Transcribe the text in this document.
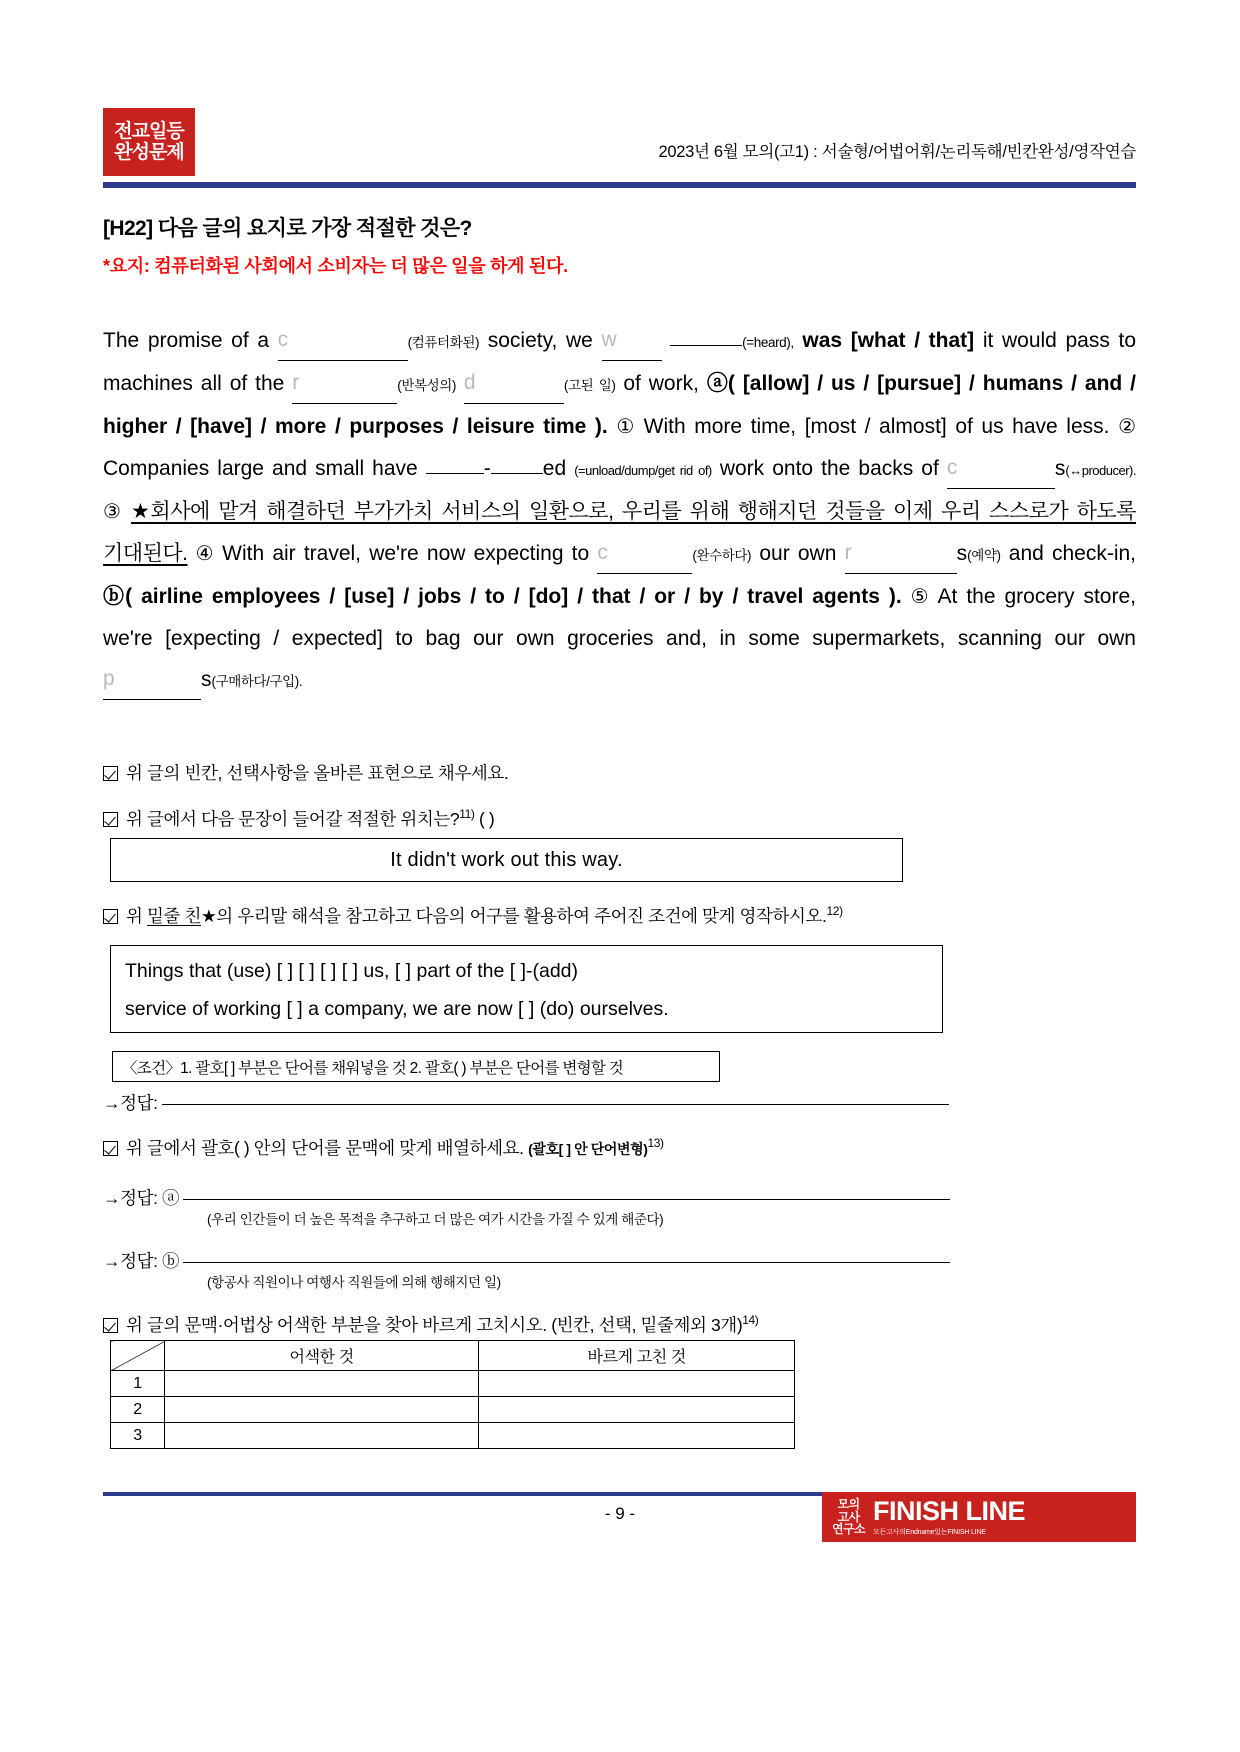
전교일등
완성문제	2023년 6월 모의(고1) : 서술형/어법어휘/논리독해/빈칸완성/영작연습
[H22] 다음 글의 요지로 가장 적절한 것은?
*요지: 컴퓨터화된 사회에서 소비자는 더 많은 일을 하게 된다.
The promise of a c	(컴퓨터화된) society, we w	(=heard), was [what / that] it would pass to machines all of the r	(반복성의) d	(고된 일) of work, ⓐ( [allow] / us / [pursue] / humans / and / higher / [have] / more / purposes / leisure time ). ① With more time, [most / almost] of us have less. ② Companies large and small have	- ed (=unload/dump/get rid of) work onto the backs of c	s(↔producer). ③ ★회사에 맡겨 해결하던 부가가치 서비스의 일환으로, 우리를 위해 행해지던 것들을 이제 우리 스스로가 하도록 기대된다. ④ With air travel, we're now expecting to c	(완수하다) our own r	s(예약) and check-in, ⓑ( airline employees / [use] / jobs / to / [do] / that / or / by / travel agents ). ⑤ At the grocery store, we're [expecting / expected] to bag our own groceries and, in some supermarkets, scanning our own p	s(구매하다/구입).
위 글의 빈칸, 선택사항을 올바른 표현으로 채우세요.
위 글에서 다음 문장이 들어갈 적절한 위치는?$^{11)}$ ( )
It didn't work out this way.
위 밑줄 친★의 우리말 해석을 참고하고 다음의 어구를 활용하여 주어진 조건에 맞게 영작하시오.$^{12)}$
Things that (use) [ ] [ ] [ ] [ ] us, [ ] part of the [ ]-(add)
service of working [ ] a company, we are now [ ] (do) ourselves.
〈조건〉1. 괄호[ ] 부분은 단어를 채워넣을 것 2. 괄호( ) 부분은 단어를 변형할 것
→정답:
위 글에서 괄호( ) 안의 단어를 문맥에 맞게 배열하세요. (괄호[ ] 안 단어변형)$^{13)}$
→정답: ⓐ
(우리 인간들이 더 높은 목적을 추구하고 더 많은 여가 시간을 가질 수 있게 해준다)
→정답: ⓑ
(항공사 직원이나 여행사 직원들에 의해 행해지던 일)
위 글의 문맥·어법상 어색한 부분을 찾아 바르게 고치시오. (빈칸, 선택, 밑줄제외 3개)$^{14)}$
	어색한 것	바르게 고친 것
1		
2		
3		
- 9 -	모의
고사
연구소
FINISH LINE
모든고사의Endname있는FINISH LINE
